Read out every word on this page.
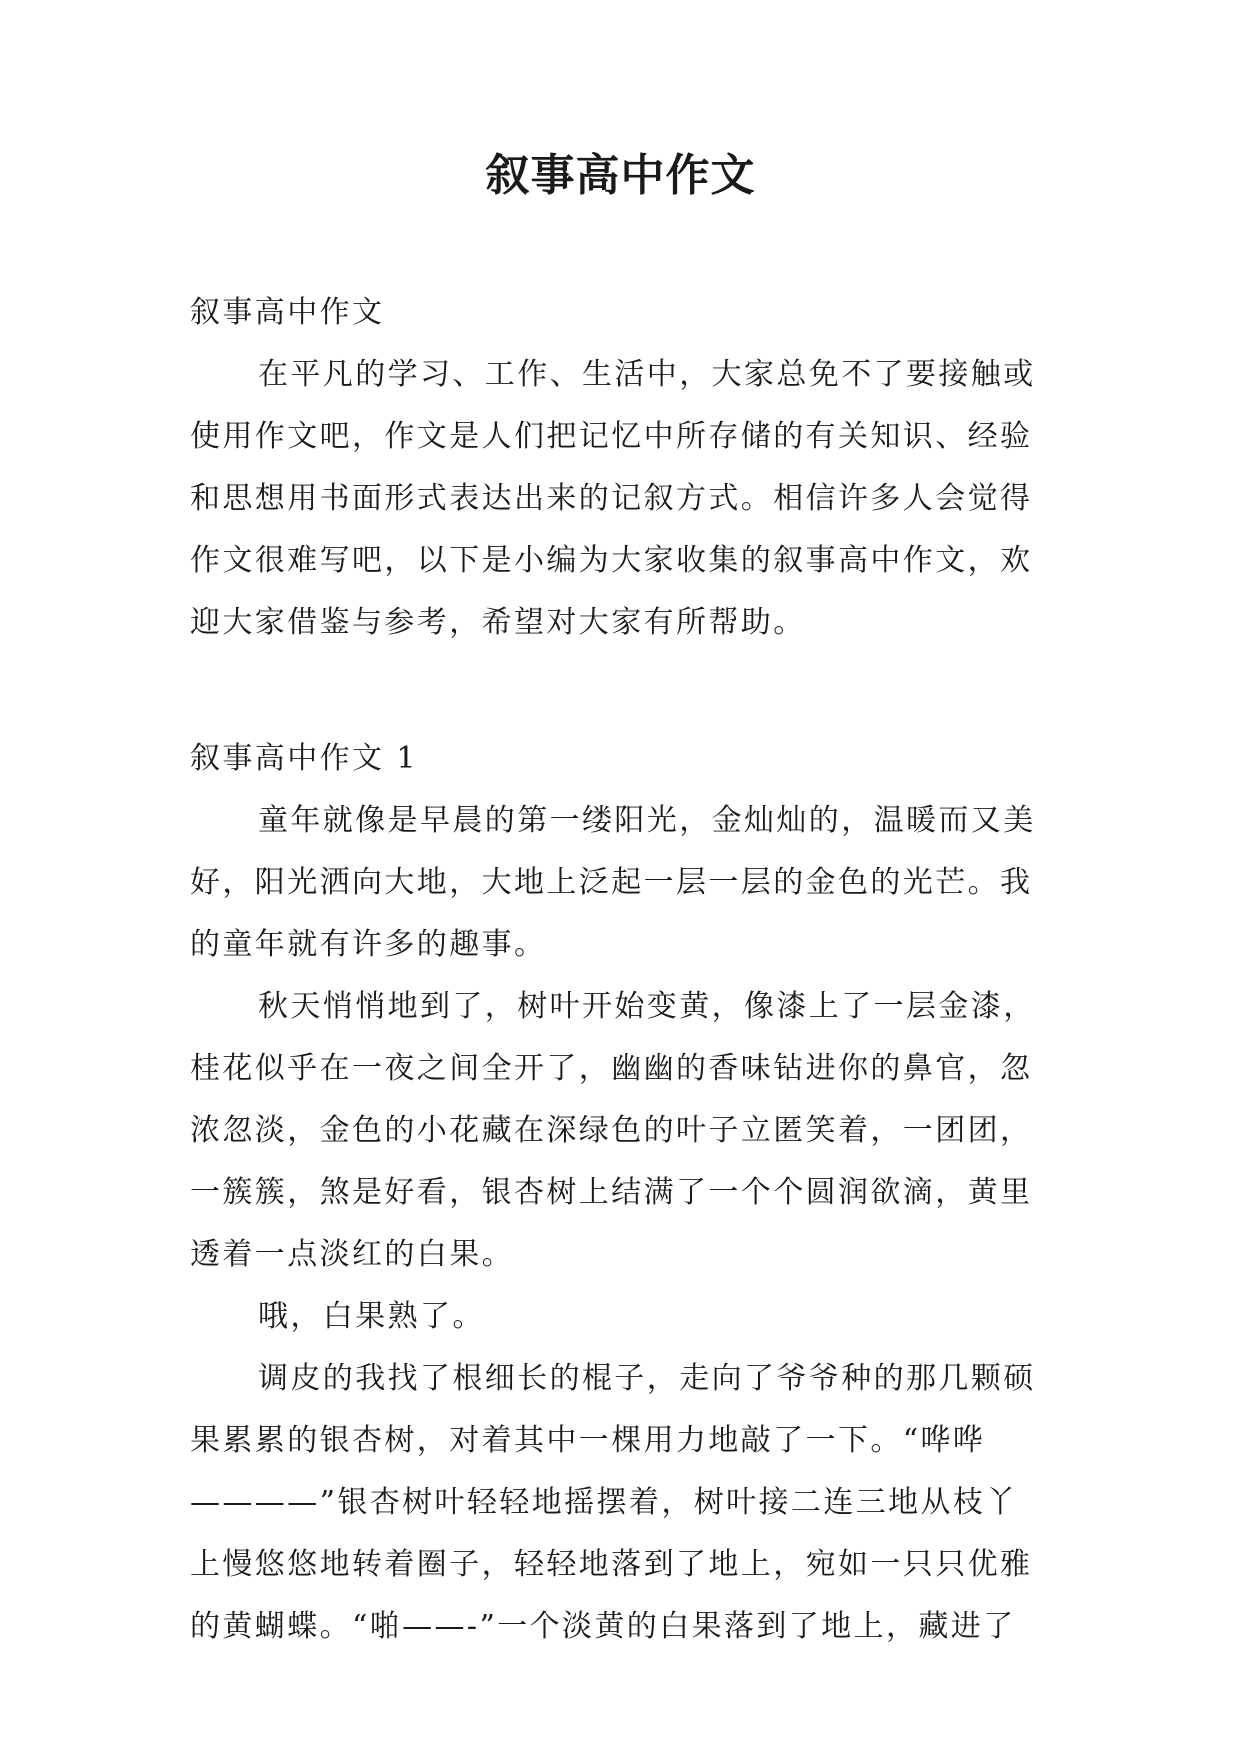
叙事高中作文
叙事高中作文
在平凡的学习、工作、生活中，大家总免不了要接触或
使用作文吧，作文是人们把记忆中所存储的有关知识、经验
和思想用书面形式表达出来的记叙方式。相信许多人会觉得
作文很难写吧，以下是小编为大家收集的叙事高中作文，欢
迎大家借鉴与参考，希望对大家有所帮助。
叙事高中作文 1
童年就像是早晨的第一缕阳光，金灿灿的，温暖而又美
好，阳光洒向大地，大地上泛起一层一层的金色的光芒。我
的童年就有许多的趣事。
秋天悄悄地到了，树叶开始变黄，像漆上了一层金漆，
桂花似乎在一夜之间全开了，幽幽的香味钻进你的鼻官，忽
浓忽淡，金色的小花藏在深绿色的叶子立匿笑着，一团团，
一簇簇，煞是好看，银杏树上结满了一个个圆润欲滴，黄里
透着一点淡红的白果。
哦，白果熟了。
调皮的我找了根细长的棍子，走向了爷爷种的那几颗硕
果累累的银杏树，对着其中一棵用力地敲了一下。“哗哗
————”银杏树叶轻轻地摇摆着，树叶接二连三地从枝丫
上慢悠悠地转着圈子，轻轻地落到了地上，宛如一只只优雅
的黄蝴蝶。“啪——-”一个淡黄的白果落到了地上，藏进了
